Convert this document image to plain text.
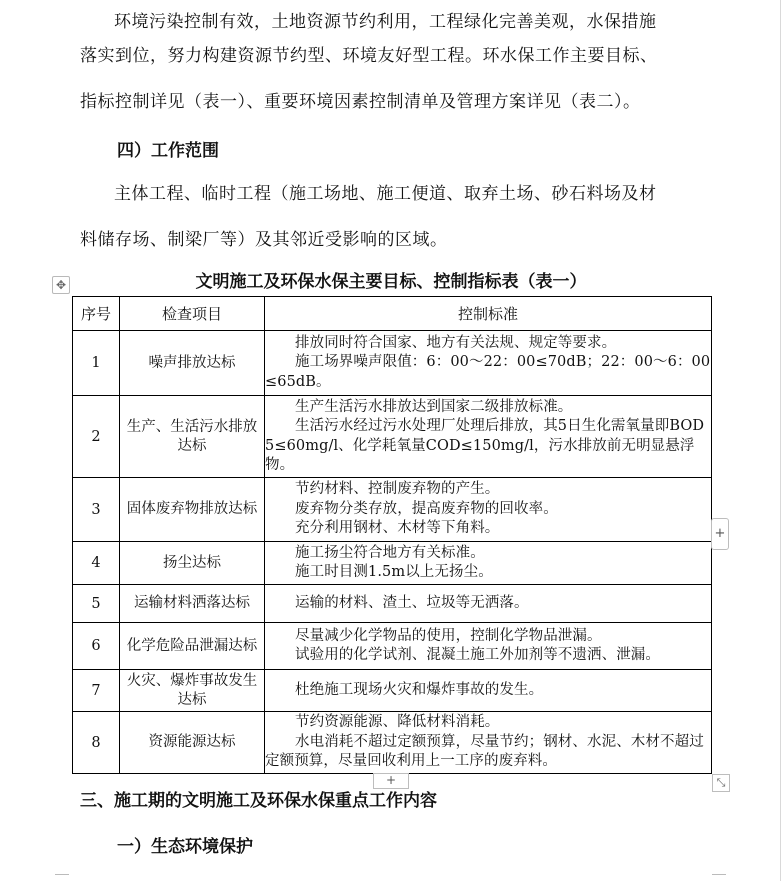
环境污染控制有效，土地资源节约利用，工程绿化完善美观，水保措施

落实到位，努力构建资源节约型、环境友好型工程。环水保工作主要目标、

指标控制详见（表一）、重要环境因素控制清单及管理方案详见（表二）。

四）工作范围

主体工程、临时工程（施工场地、施工便道、取弃土场、砂石料场及材

料储存场、制梁厂等）及其邻近受影响的区域。

✥	文明施工及环保水保主要目标、控制指标表（表一）
序号	检查项目	控制标准
1	噪声排放达标	排放同时符合国家、地方有关法规、规定等要求。

施工场界噪声限值：6：00～22：00≤70dB；22：00～6：00≤65dB。

2	生产、生活污水排放达标	生产生活污水排放达到国家二级排放标准。

生活污水经过污水处理厂处理后排放，其5日生化需氧量即BOD5≤60mg/l、化学耗氧量COD≤150mg/l，污水排放前无明显悬浮物。

3	固体废弃物排放达标	节约材料、控制废弃物的产生。

废弃物分类存放，提高废弃物的回收率。

充分利用钢材、木材等下角料。

4	扬尘达标	施工扬尘符合地方有关标准。

施工时目测1.5m以上无扬尘。

5	运输材料洒落达标	运输的材料、渣土、垃圾等无洒落。

6	化学危险品泄漏达标	尽量减少化学物品的使用，控制化学物品泄漏。

试验用的化学试剂、混凝土施工外加剂等不遗洒、泄漏。

7	火灾、爆炸事故发生达标	杜绝施工现场火灾和爆炸事故的发生。

8	资源能源达标	节约资源能源、降低材料消耗。

水电消耗不超过定额预算，尽量节约；钢材、水泥、木材不超过定额预算，尽量回收利用上一工序的废弃料。

+
+	⤡

三、施工期的文明施工及环保水保重点工作内容

一）生态环境保护
